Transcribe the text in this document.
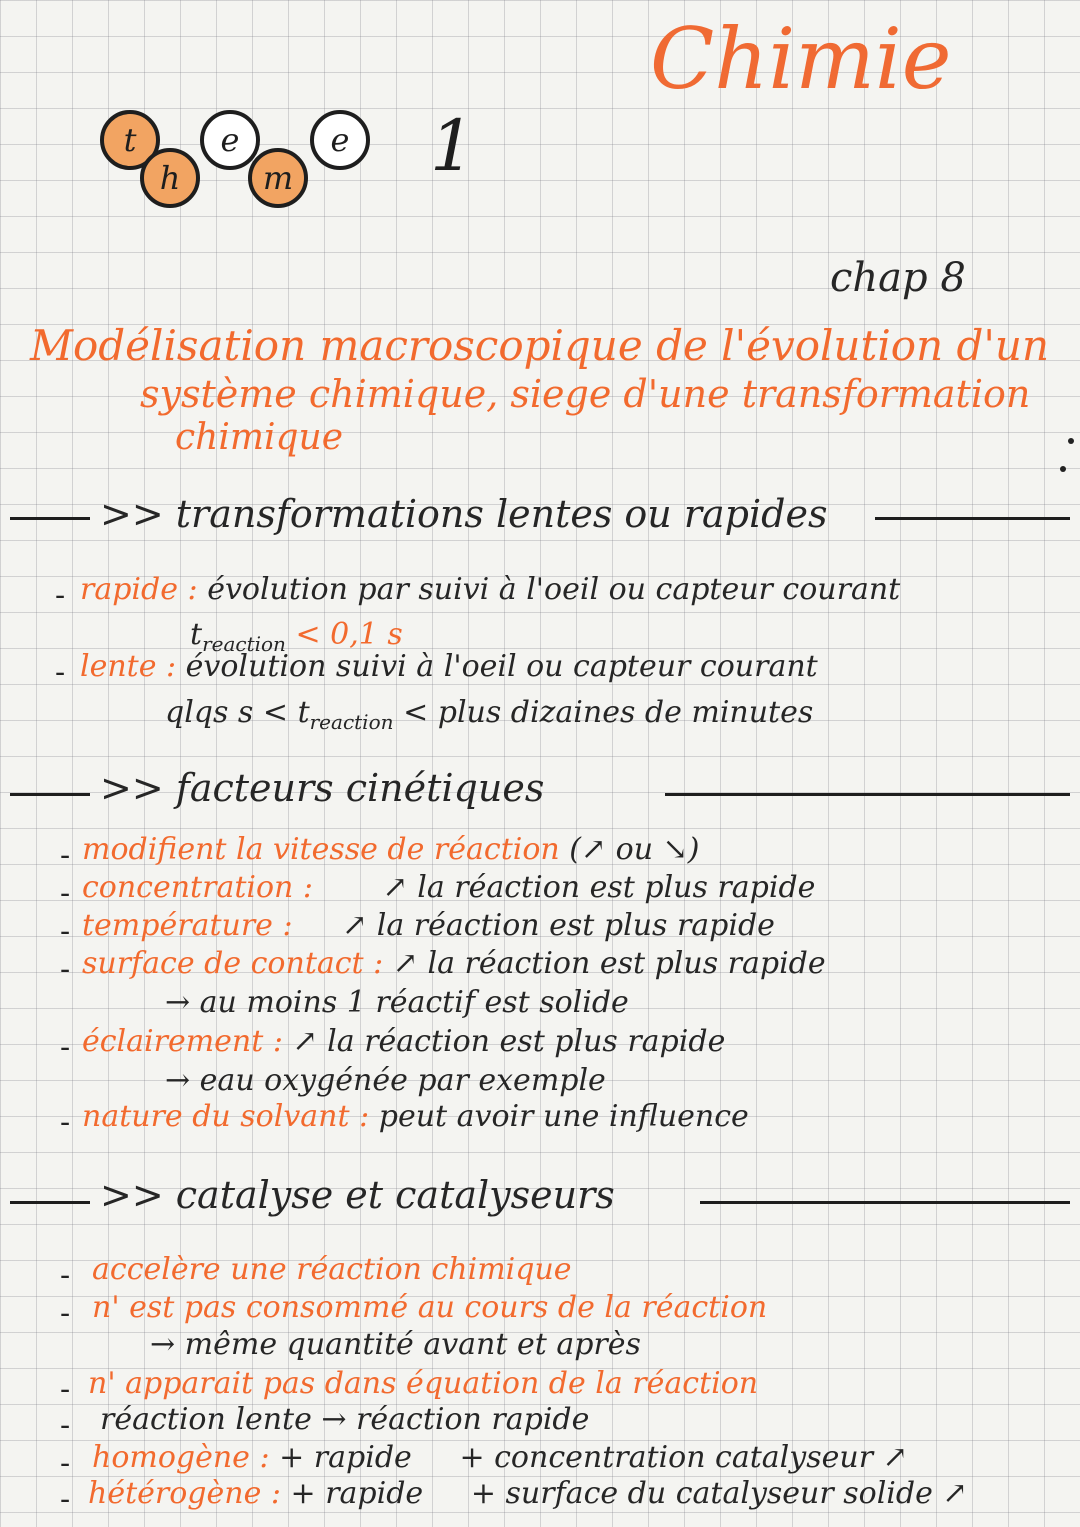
Chimie
t
h
e
m
e 1
chap 8
Modélisation macroscopique de l'évolution d'un
système chimique, siege d'une transformation
chimique
>> transformations lentes ou rapides
- rapide : évolution par suivi à l'oeil ou capteur courant
$t_{reaction} < 0,1$ s
- lente : évolution suivi à l'oeil ou capteur courant
qlqs $s < t_{reaction}$ < plus dizaines de minutes
>> facteurs cinétiques
- modifient la vitesse de réaction (↗ ou ↘)
- concentration : ↗ la réaction est plus rapide
- température : ↗ la réaction est plus rapide
- surface de contact : ↗ la réaction est plus rapide
→ au moins 1 réactif est solide
- éclairement : ↗ la réaction est plus rapide
→ eau oxygénée par exemple
- nature du solvant : peut avoir une influence
>> catalyse et catalyseurs
- accelère une réaction chimique
- n' est pas consommé au cours de la réaction
→ même quantité avant et après
- n' apparait pas dans équation de la réaction
- réaction lente → réaction rapide
- homogène : + rapide     + concentration catalyseur ↗
- hétérogène : + rapide     + surface du catalyseur solide ↗
